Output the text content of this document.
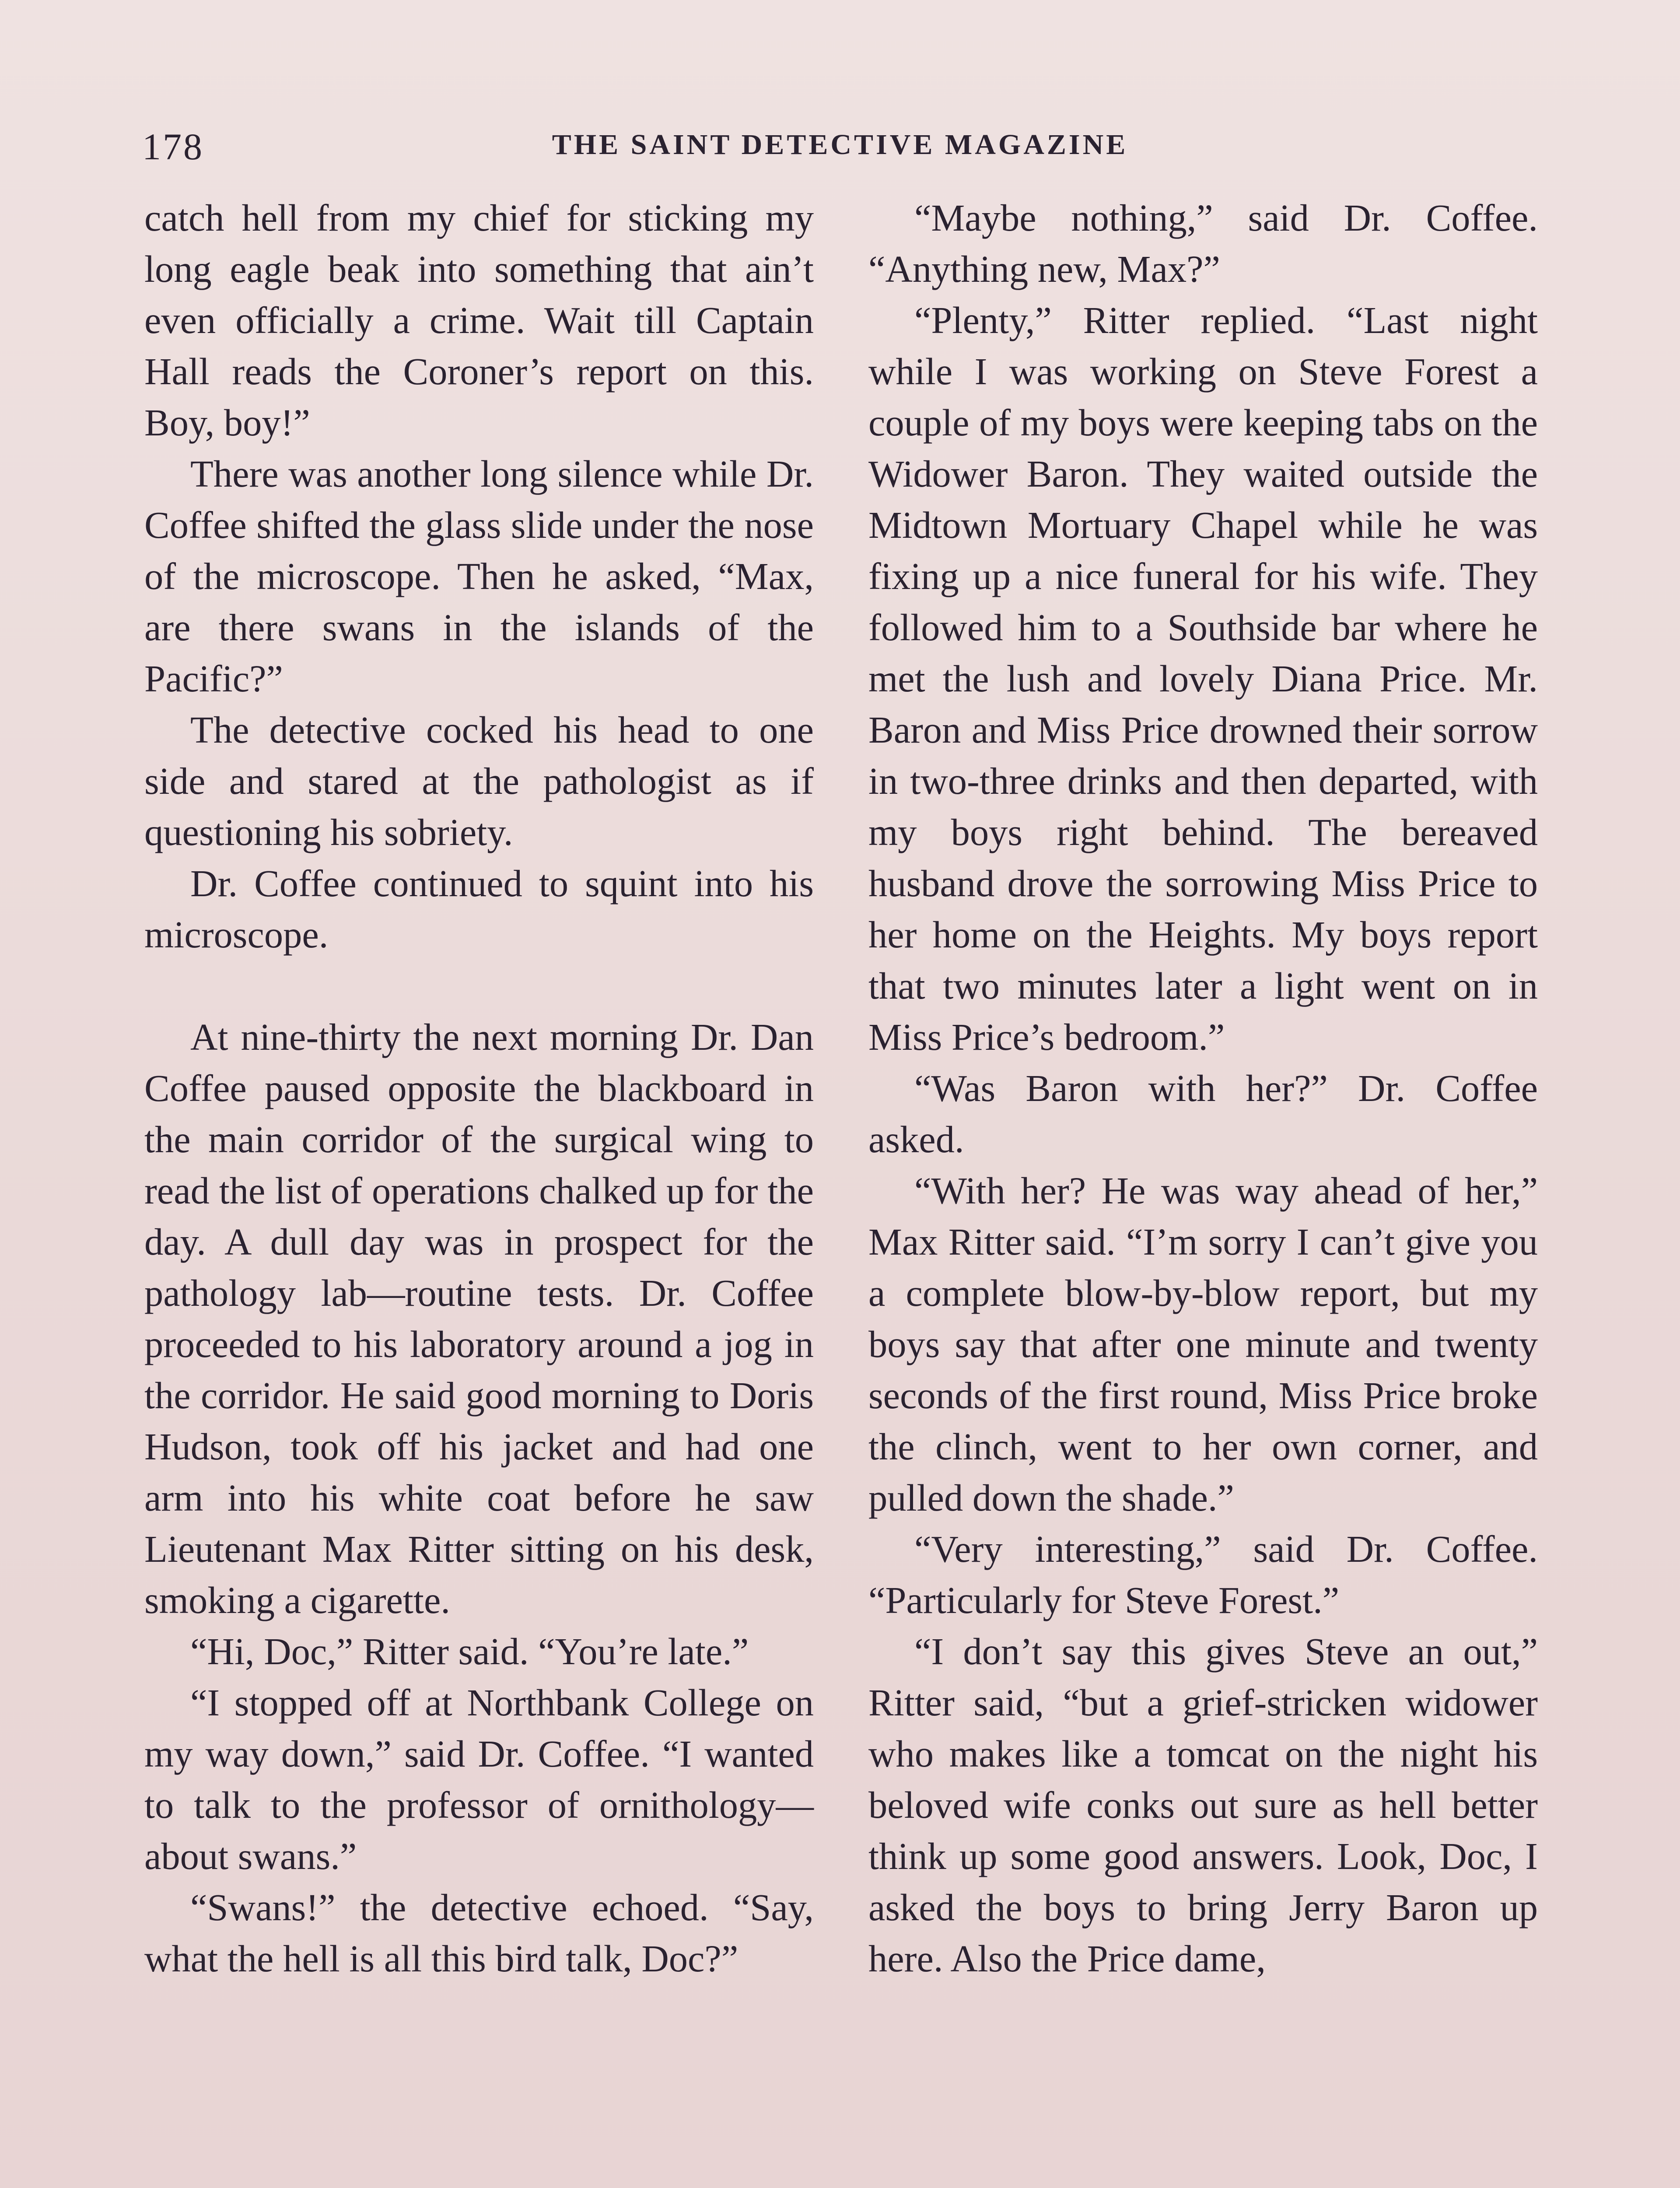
178	THE SAINT DETECTIVE MAGAZINE

catch hell from my chief for sticking my long eagle beak into something that ain’t even officially a crime. Wait till Captain Hall reads the Coroner’s report on this. Boy, boy!”

There was another long silence while Dr. Coffee shifted the glass slide under the nose of the microscope. Then he asked, “Max, are there swans in the islands of the Pacific?”

The detective cocked his head to one side and stared at the pathologist as if questioning his sobriety.

Dr. Coffee continued to squint into his microscope.

At nine-thirty the next morning Dr. Dan Coffee paused opposite the blackboard in the main corridor of the surgical wing to read the list of operations chalked up for the day. A dull day was in prospect for the pathology lab—routine tests. Dr. Coffee proceeded to his laboratory around a jog in the corridor. He said good morning to Doris Hudson, took off his jacket and had one arm into his white coat before he saw Lieutenant Max Ritter sitting on his desk, smoking a cigarette.

“Hi, Doc,” Ritter said. “You’re late.”

“I stopped off at Northbank College on my way down,” said Dr. Coffee. “I wanted to talk to the professor of ornithology—about swans.”

“Swans!” the detective echoed. “Say, what the hell is all this bird talk, Doc?”

“Maybe nothing,” said Dr. Coffee. “Anything new, Max?”

“Plenty,” Ritter replied. “Last night while I was working on Steve Forest a couple of my boys were keeping tabs on the Widower Baron. They waited outside the Midtown Mortuary Chapel while he was fixing up a nice funeral for his wife. They followed him to a Southside bar where he met the lush and lovely Diana Price. Mr. Baron and Miss Price drowned their sorrow in two-three drinks and then departed, with my boys right behind. The bereaved husband drove the sorrowing Miss Price to her home on the Heights. My boys report that two minutes later a light went on in Miss Price’s bedroom.”

“Was Baron with her?” Dr. Coffee asked.

“With her? He was way ahead of her,” Max Ritter said. “I’m sorry I can’t give you a complete blow-by-blow report, but my boys say that after one minute and twenty seconds of the first round, Miss Price broke the clinch, went to her own corner, and pulled down the shade.”

“Very interesting,” said Dr. Coffee. “Particularly for Steve Forest.”

“I don’t say this gives Steve an out,” Ritter said, “but a grief-stricken widower who makes like a tomcat on the night his beloved wife conks out sure as hell better think up some good answers. Look, Doc, I asked the boys to bring Jerry Baron up here. Also the Price dame,
